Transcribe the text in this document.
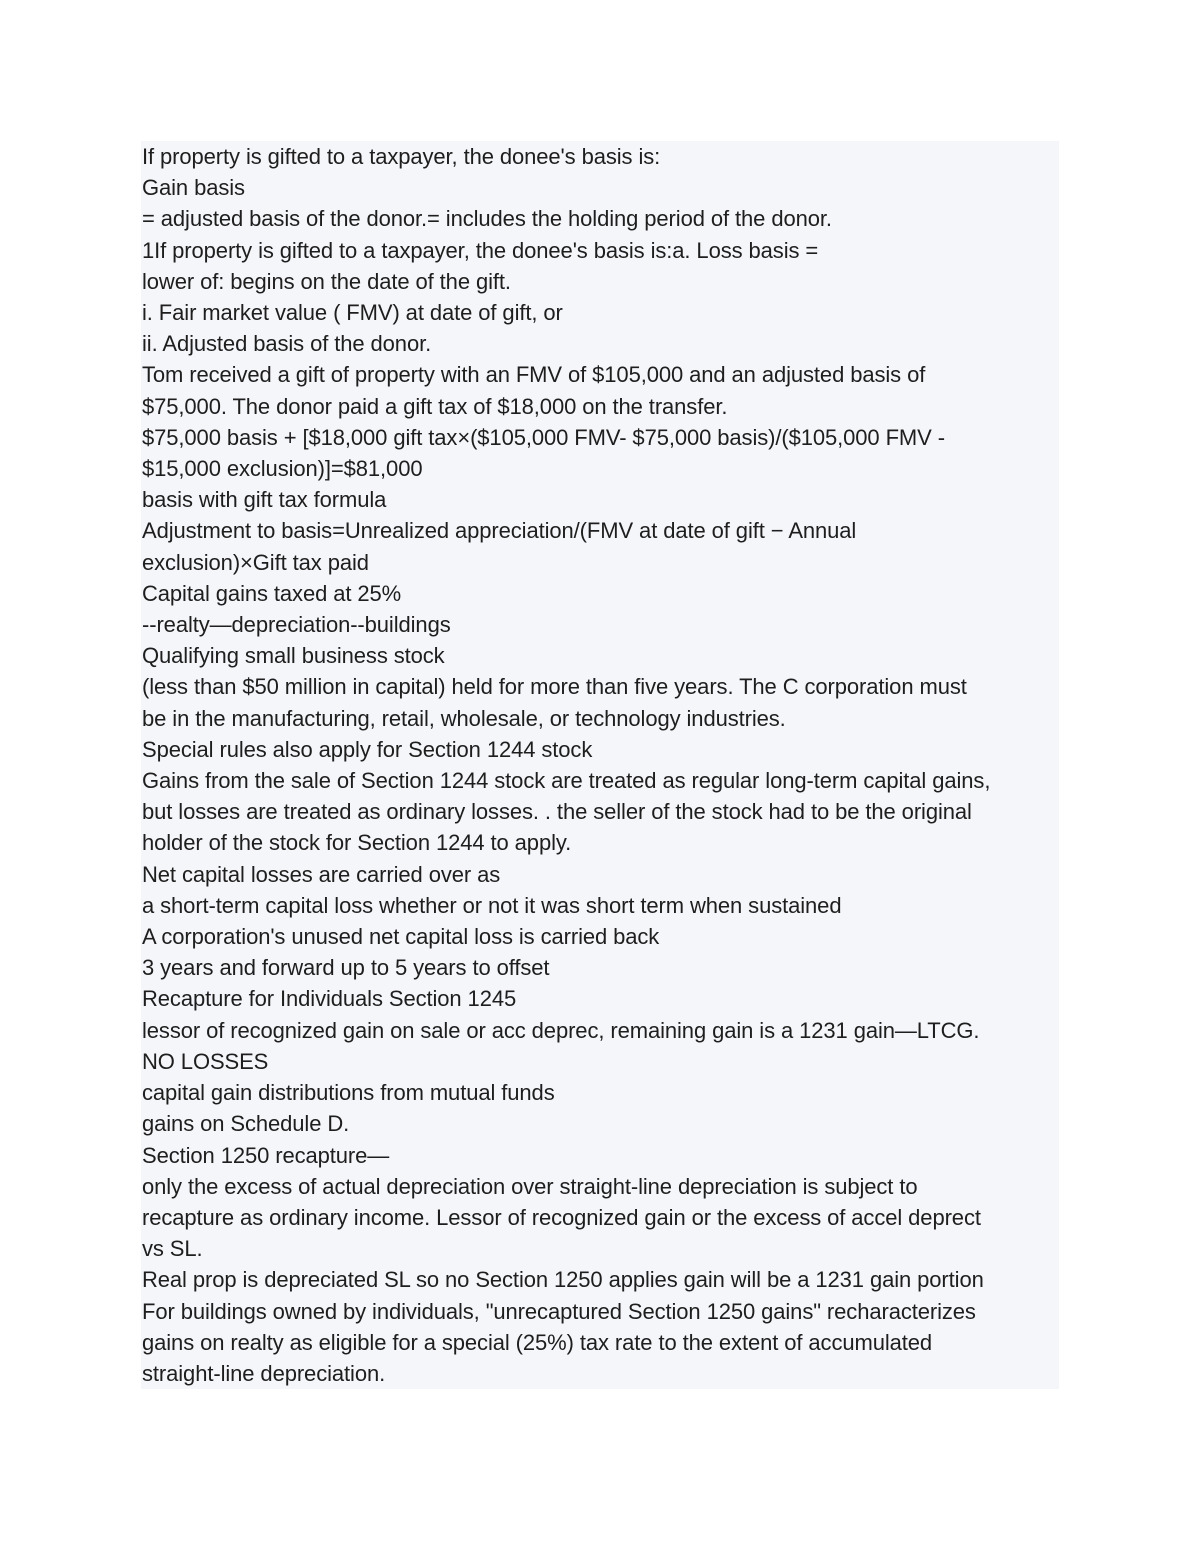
If property is gifted to a taxpayer, the donee's basis is:
Gain basis
= adjusted basis of the donor.= includes the holding period of the donor.
1If property is gifted to a taxpayer, the donee's basis is:a. Loss basis =
lower of: begins on the date of the gift.
i. Fair market value ( FMV) at date of gift, or
ii. Adjusted basis of the donor.
Tom received a gift of property with an FMV of $105,000 and an adjusted basis of
$75,000. The donor paid a gift tax of $18,000 on the transfer.
$75,000 basis + [$18,000 gift tax×($105,000 FMV- $75,000 basis)/($105,000 FMV -
$15,000 exclusion)]=$81,000
basis with gift tax formula
Adjustment to basis=Unrealized appreciation/(FMV at date of gift − Annual
exclusion)×Gift tax paid
Capital gains taxed at 25%
--realty—depreciation--buildings
Qualifying small business stock
(less than $50 million in capital) held for more than five years. The C corporation must
be in the manufacturing, retail, wholesale, or technology industries.
Special rules also apply for Section 1244 stock
Gains from the sale of Section 1244 stock are treated as regular long-term capital gains,
but losses are treated as ordinary losses. . the seller of the stock had to be the original
holder of the stock for Section 1244 to apply.
Net capital losses are carried over as
a short-term capital loss whether or not it was short term when sustained
A corporation's unused net capital loss is carried back
3 years and forward up to 5 years to offset
Recapture for Individuals Section 1245
lessor of recognized gain on sale or acc deprec, remaining gain is a 1231 gain—LTCG.
NO LOSSES
capital gain distributions from mutual funds
gains on Schedule D.
Section 1250 recapture—
only the excess of actual depreciation over straight-line depreciation is subject to
recapture as ordinary income. Lessor of recognized gain or the excess of accel deprect
vs SL.
Real prop is depreciated SL so no Section 1250 applies gain will be a 1231 gain portion
For buildings owned by individuals, "unrecaptured Section 1250 gains" recharacterizes
gains on realty as eligible for a special (25%) tax rate to the extent of accumulated
straight-line depreciation.
